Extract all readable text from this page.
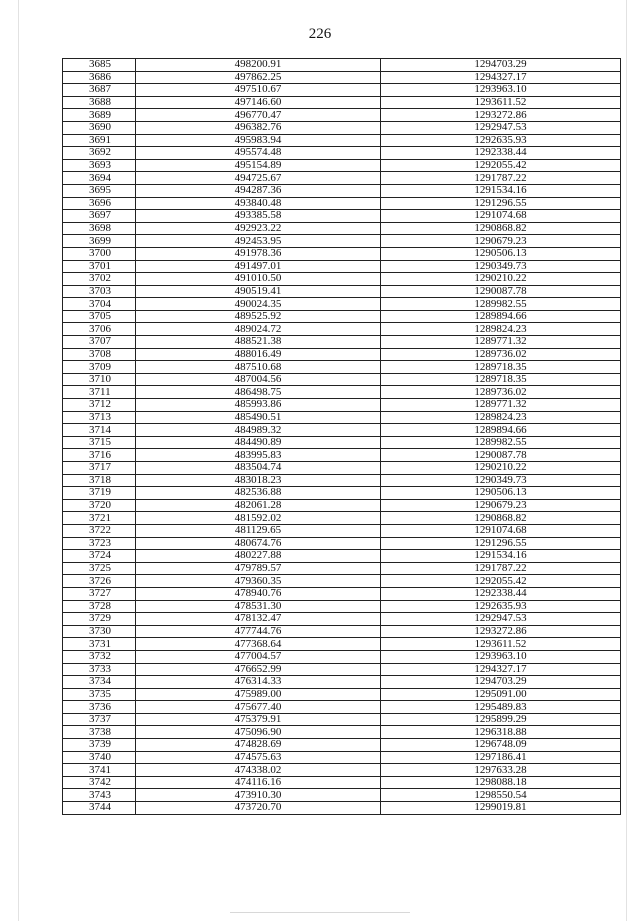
226
3685	498200.91	1294703.29
3686	497862.25	1294327.17
3687	497510.67	1293963.10
3688	497146.60	1293611.52
3689	496770.47	1293272.86
3690	496382.76	1292947.53
3691	495983.94	1292635.93
3692	495574.48	1292338.44
3693	495154.89	1292055.42
3694	494725.67	1291787.22
3695	494287.36	1291534.16
3696	493840.48	1291296.55
3697	493385.58	1291074.68
3698	492923.22	1290868.82
3699	492453.95	1290679.23
3700	491978.36	1290506.13
3701	491497.01	1290349.73
3702	491010.50	1290210.22
3703	490519.41	1290087.78
3704	490024.35	1289982.55
3705	489525.92	1289894.66
3706	489024.72	1289824.23
3707	488521.38	1289771.32
3708	488016.49	1289736.02
3709	487510.68	1289718.35
3710	487004.56	1289718.35
3711	486498.75	1289736.02
3712	485993.86	1289771.32
3713	485490.51	1289824.23
3714	484989.32	1289894.66
3715	484490.89	1289982.55
3716	483995.83	1290087.78
3717	483504.74	1290210.22
3718	483018.23	1290349.73
3719	482536.88	1290506.13
3720	482061.28	1290679.23
3721	481592.02	1290868.82
3722	481129.65	1291074.68
3723	480674.76	1291296.55
3724	480227.88	1291534.16
3725	479789.57	1291787.22
3726	479360.35	1292055.42
3727	478940.76	1292338.44
3728	478531.30	1292635.93
3729	478132.47	1292947.53
3730	477744.76	1293272.86
3731	477368.64	1293611.52
3732	477004.57	1293963.10
3733	476652.99	1294327.17
3734	476314.33	1294703.29
3735	475989.00	1295091.00
3736	475677.40	1295489.83
3737	475379.91	1295899.29
3738	475096.90	1296318.88
3739	474828.69	1296748.09
3740	474575.63	1297186.41
3741	474338.02	1297633.28
3742	474116.16	1298088.18
3743	473910.30	1298550.54
3744	473720.70	1299019.81
